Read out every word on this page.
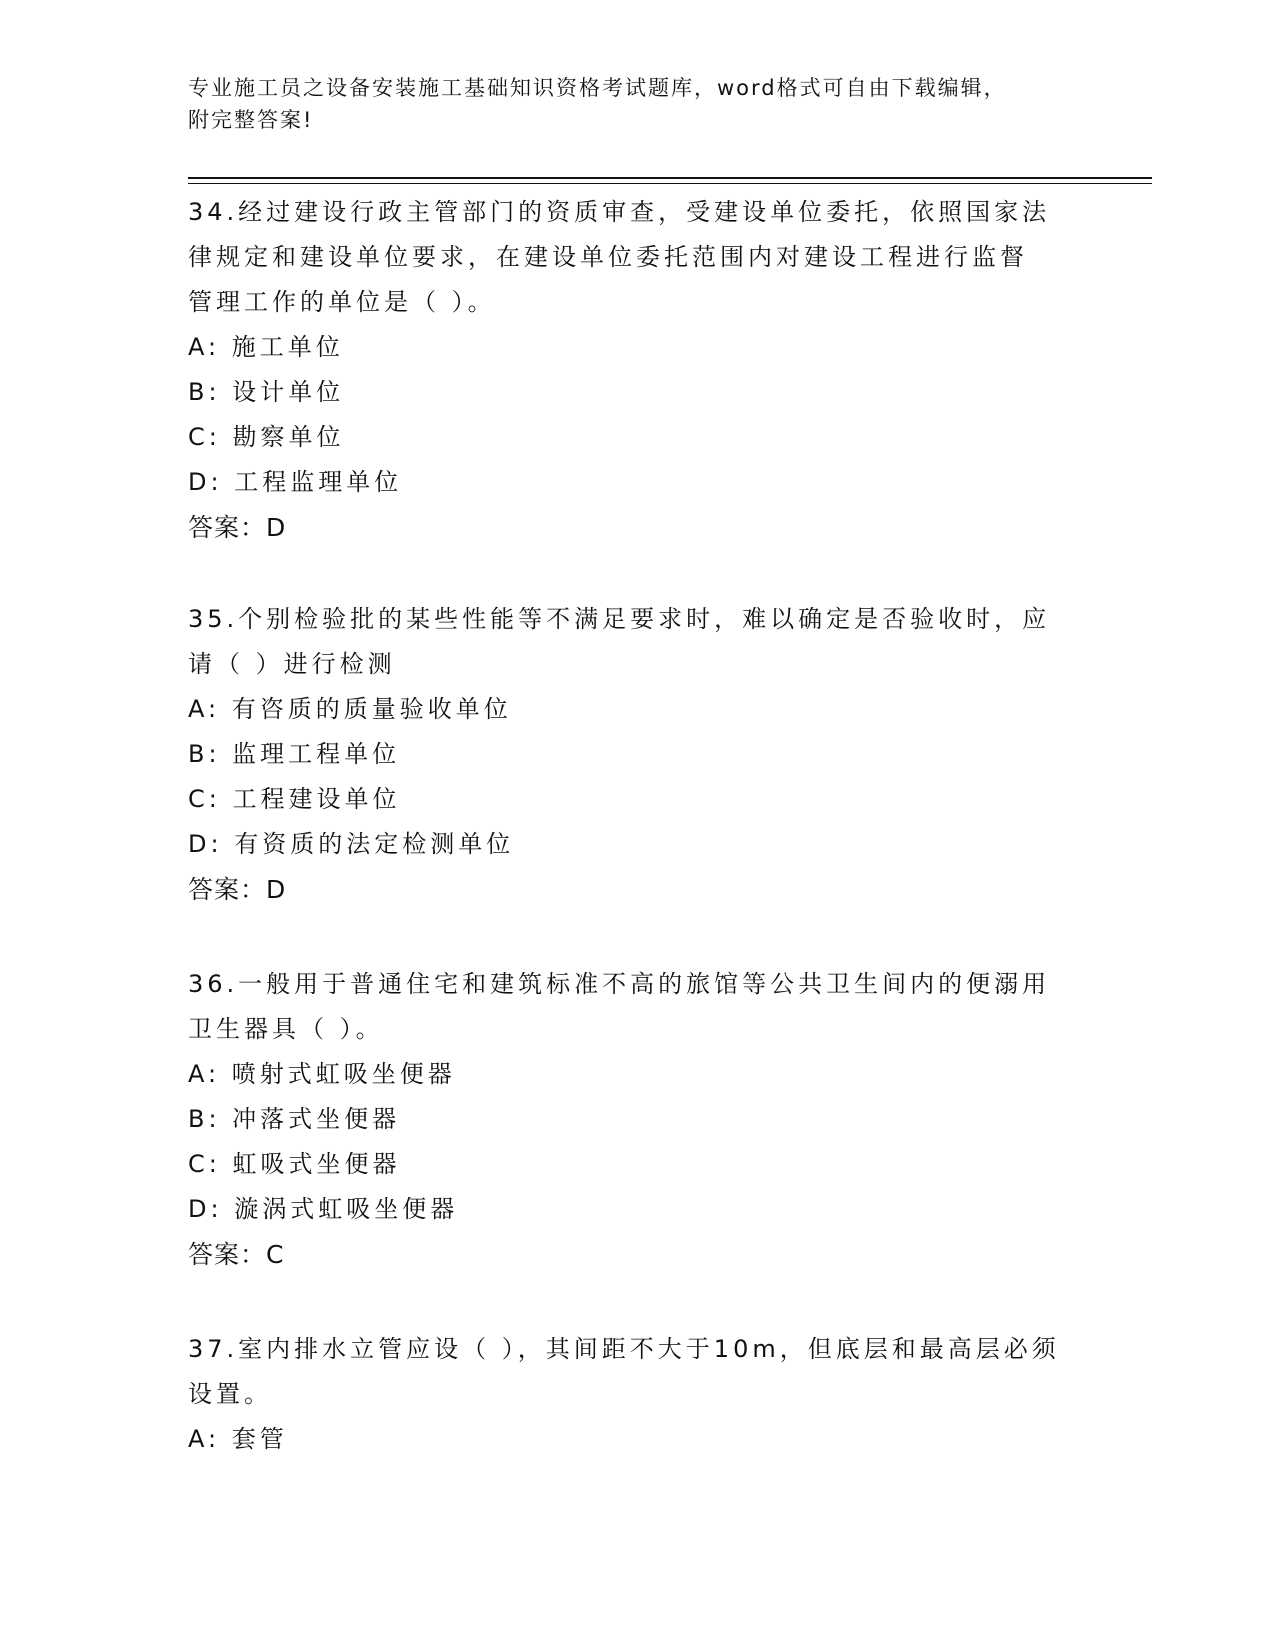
专业施工员之设备安装施工基础知识资格考试题库，word格式可自由下载编辑，
附完整答案!
34.经过建设行政主管部门的资质审查，受建设单位委托，依照国家法
律规定和建设单位要求，在建设单位委托范围内对建设工程进行监督
管理工作的单位是（ ）。
A: 施工单位
B: 设计单位
C: 勘察单位
D: 工程监理单位
答案：D
35.个别检验批的某些性能等不满足要求时，难以确定是否验收时，应
请（ ）进行检测
A: 有咨质的质量验收单位
B: 监理工程单位
C: 工程建设单位
D: 有资质的法定检测单位
答案：D
36.一般用于普通住宅和建筑标准不高的旅馆等公共卫生间内的便溺用
卫生器具（ ）。
A: 喷射式虹吸坐便器
B: 冲落式坐便器
C: 虹吸式坐便器
D: 漩涡式虹吸坐便器
答案：C
37.室内排水立管应设（ ），其间距不大于10m，但底层和最高层必须
设置。
A: 套管
